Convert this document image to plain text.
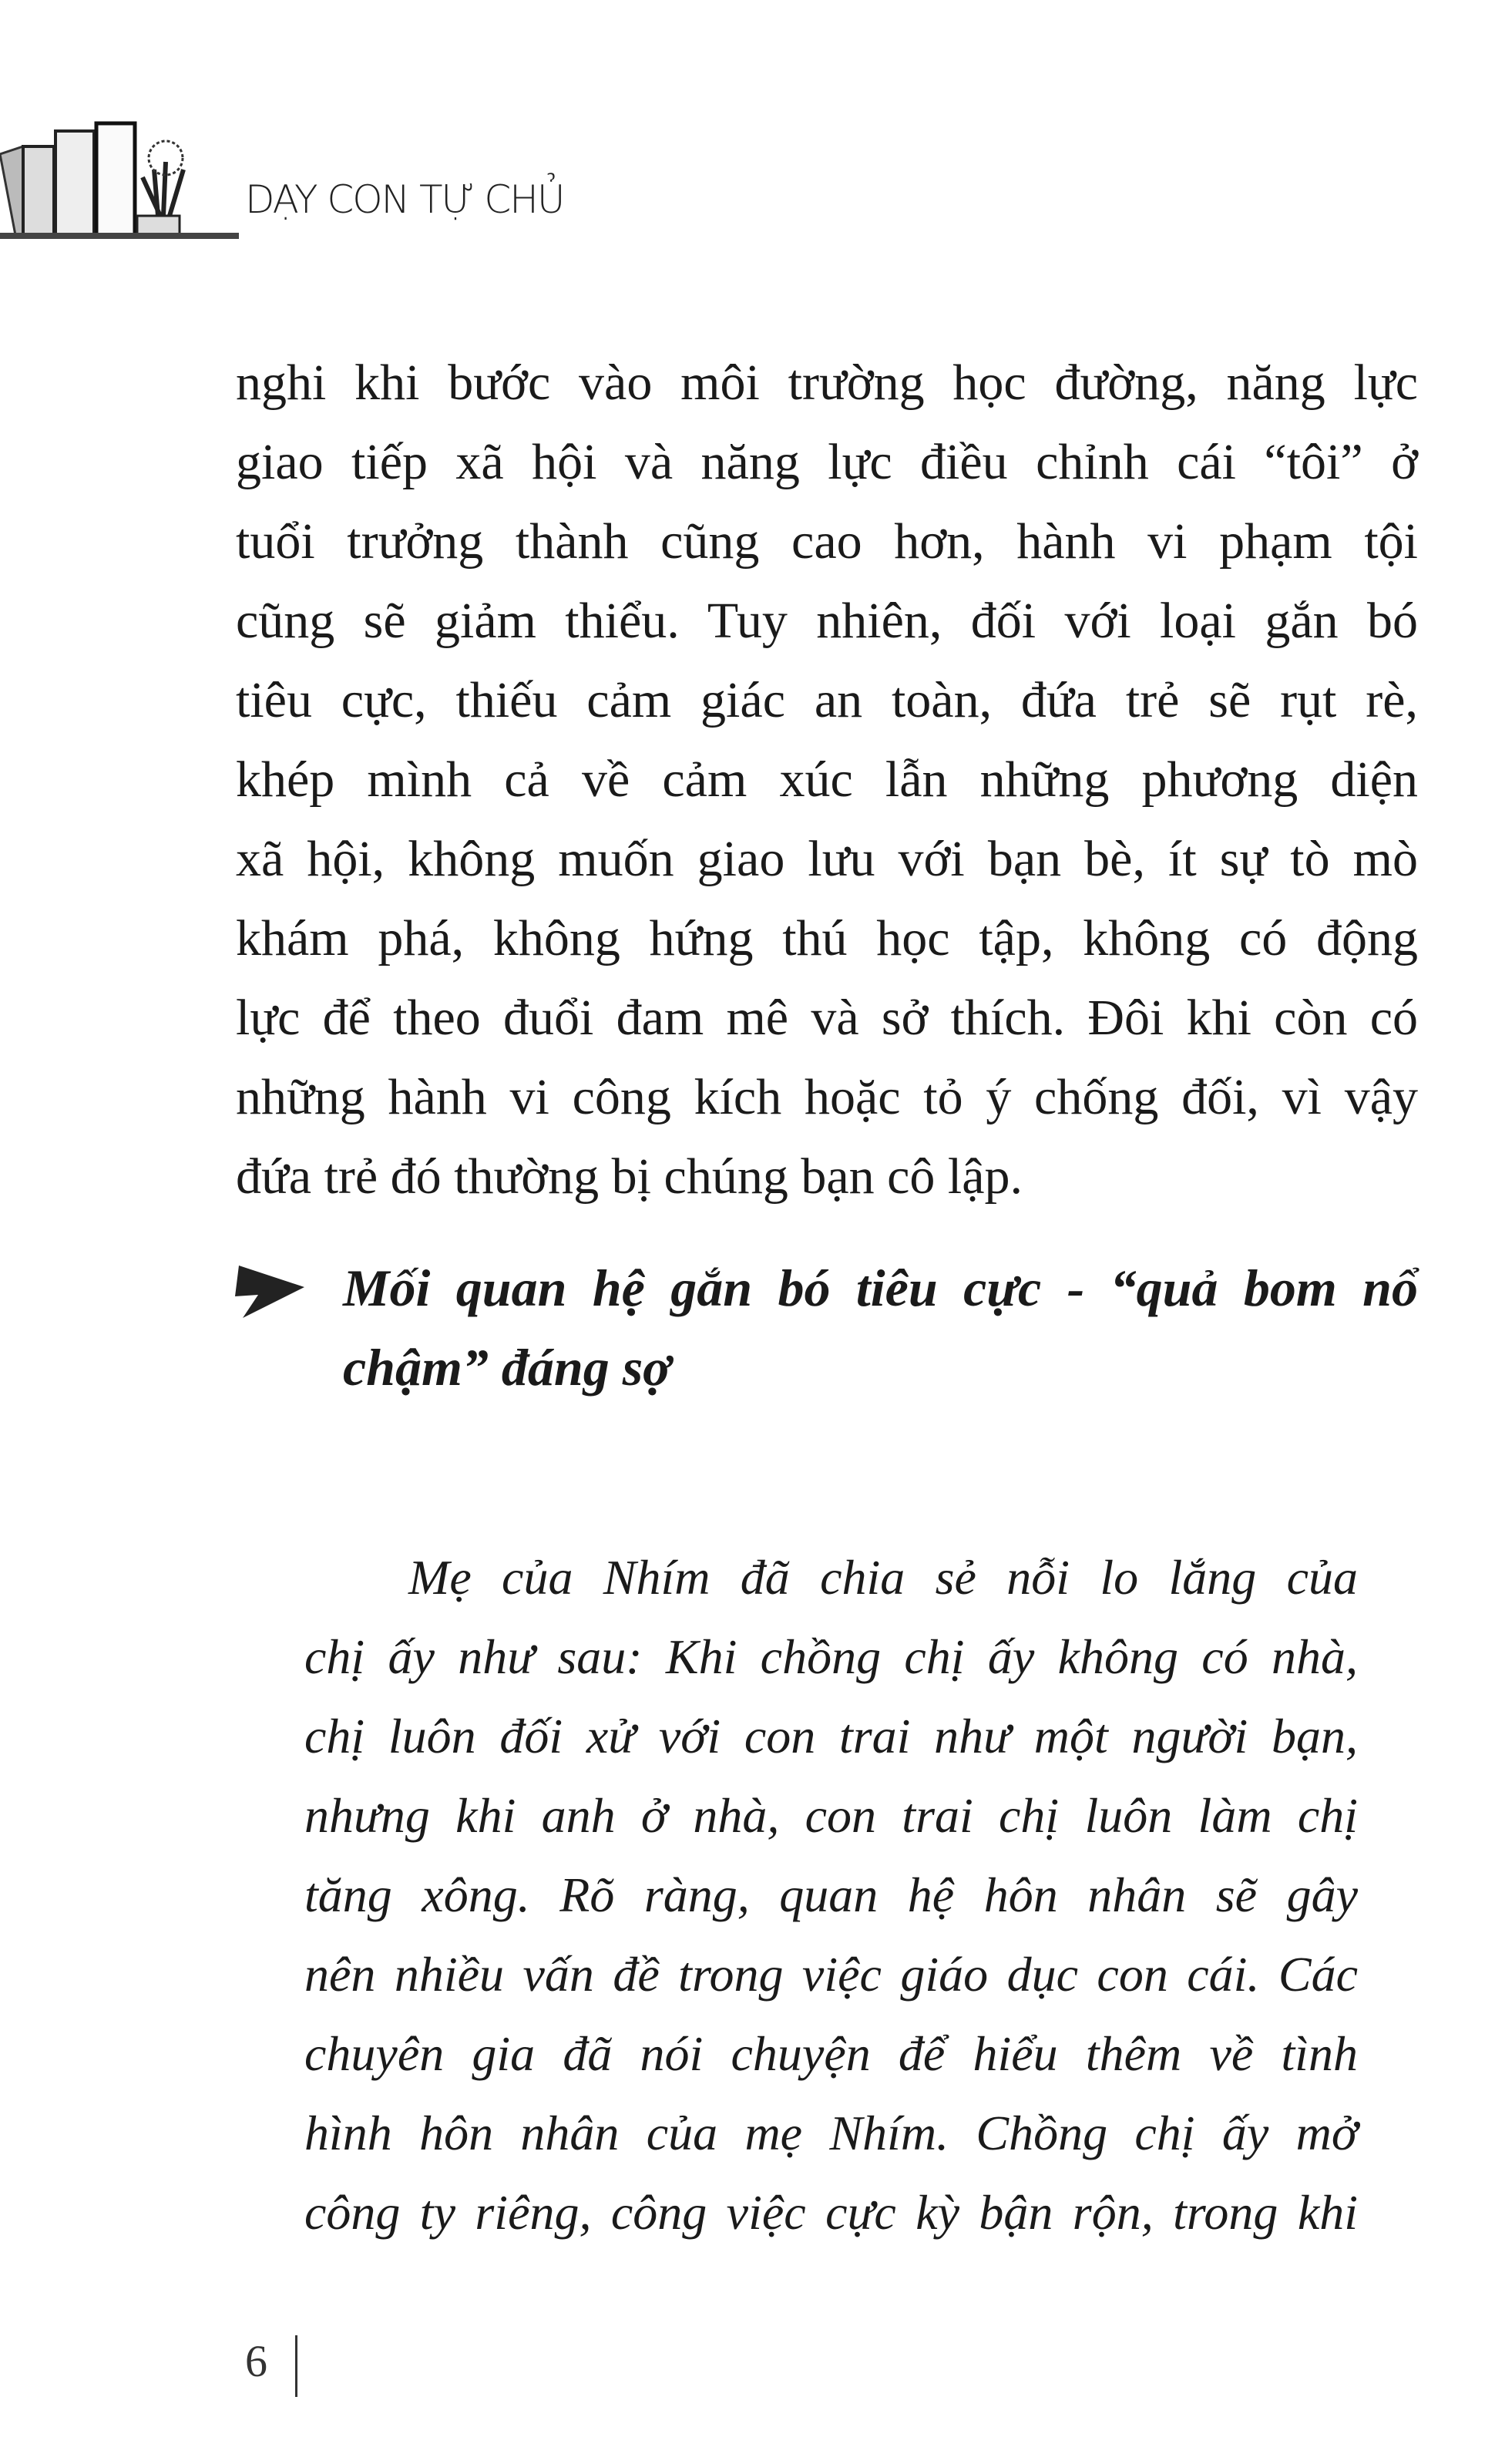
DẠY CON TỰ CHỦ
nghi khi bước vào môi trường học đường, năng lực
giao tiếp xã hội và năng lực điều chỉnh cái “tôi” ở
tuổi trưởng thành cũng cao hơn, hành vi phạm tội
cũng sẽ giảm thiểu. Tuy nhiên, đối với loại gắn bó
tiêu cực, thiếu cảm giác an toàn, đứa trẻ sẽ rụt rè,
khép mình cả về cảm xúc lẫn những phương diện
xã hội, không muốn giao lưu với bạn bè, ít sự tò mò
khám phá, không hứng thú học tập, không có động
lực để theo đuổi đam mê và sở thích. Đôi khi còn có
những hành vi công kích hoặc tỏ ý chống đối, vì vậy
đứa trẻ đó thường bị chúng bạn cô lập.
Mối quan hệ gắn bó tiêu cực - “quả bom nổ
chậm” đáng sợ
Mẹ của Nhím đã chia sẻ nỗi lo lắng của
chị ấy như sau: Khi chồng chị ấy không có nhà,
chị luôn đối xử với con trai như một người bạn,
nhưng khi anh ở nhà, con trai chị luôn làm chị
tăng xông. Rõ ràng, quan hệ hôn nhân sẽ gây
nên nhiều vấn đề trong việc giáo dục con cái. Các
chuyên gia đã nói chuyện để hiểu thêm về tình
hình hôn nhân của mẹ Nhím. Chồng chị ấy mở
công ty riêng, công việc cực kỳ bận rộn, trong khi
6
